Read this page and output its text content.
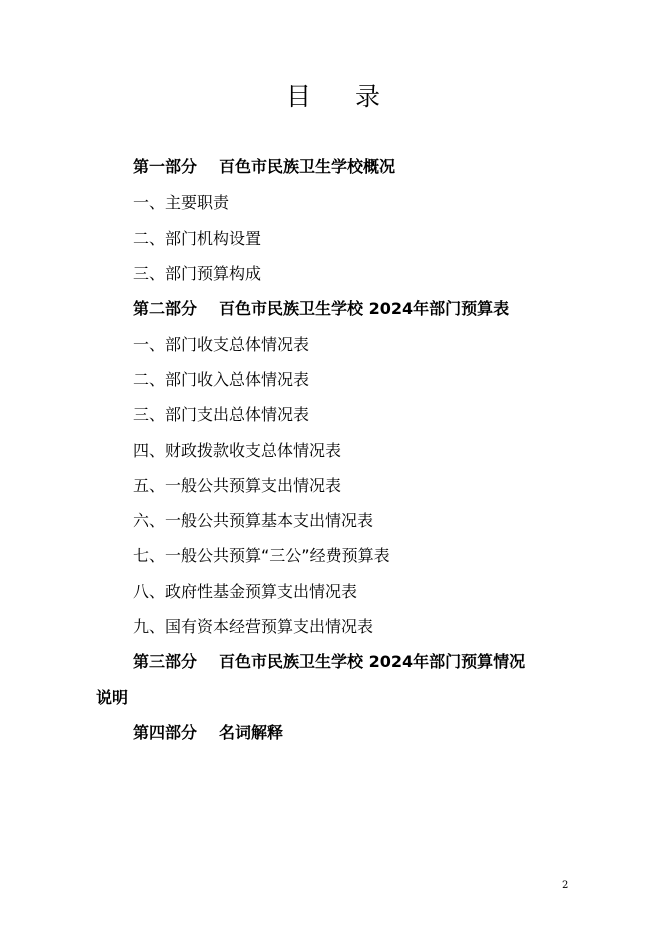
目 录
第一部分 百色市民族卫生学校概况
一、主要职责
二、部门机构设置
三、部门预算构成
第二部分 百色市民族卫生学校 2024年部门预算表
一、部门收支总体情况表
二、部门收入总体情况表
三、部门支出总体情况表
四、财政拨款收支总体情况表
五、一般公共预算支出情况表
六、一般公共预算基本支出情况表
七、一般公共预算“三公”经费预算表
八、政府性基金预算支出情况表
九、国有资本经营预算支出情况表
第三部分 百色市民族卫生学校 2024年部门预算情况
说明
第四部分 名词解释
2
